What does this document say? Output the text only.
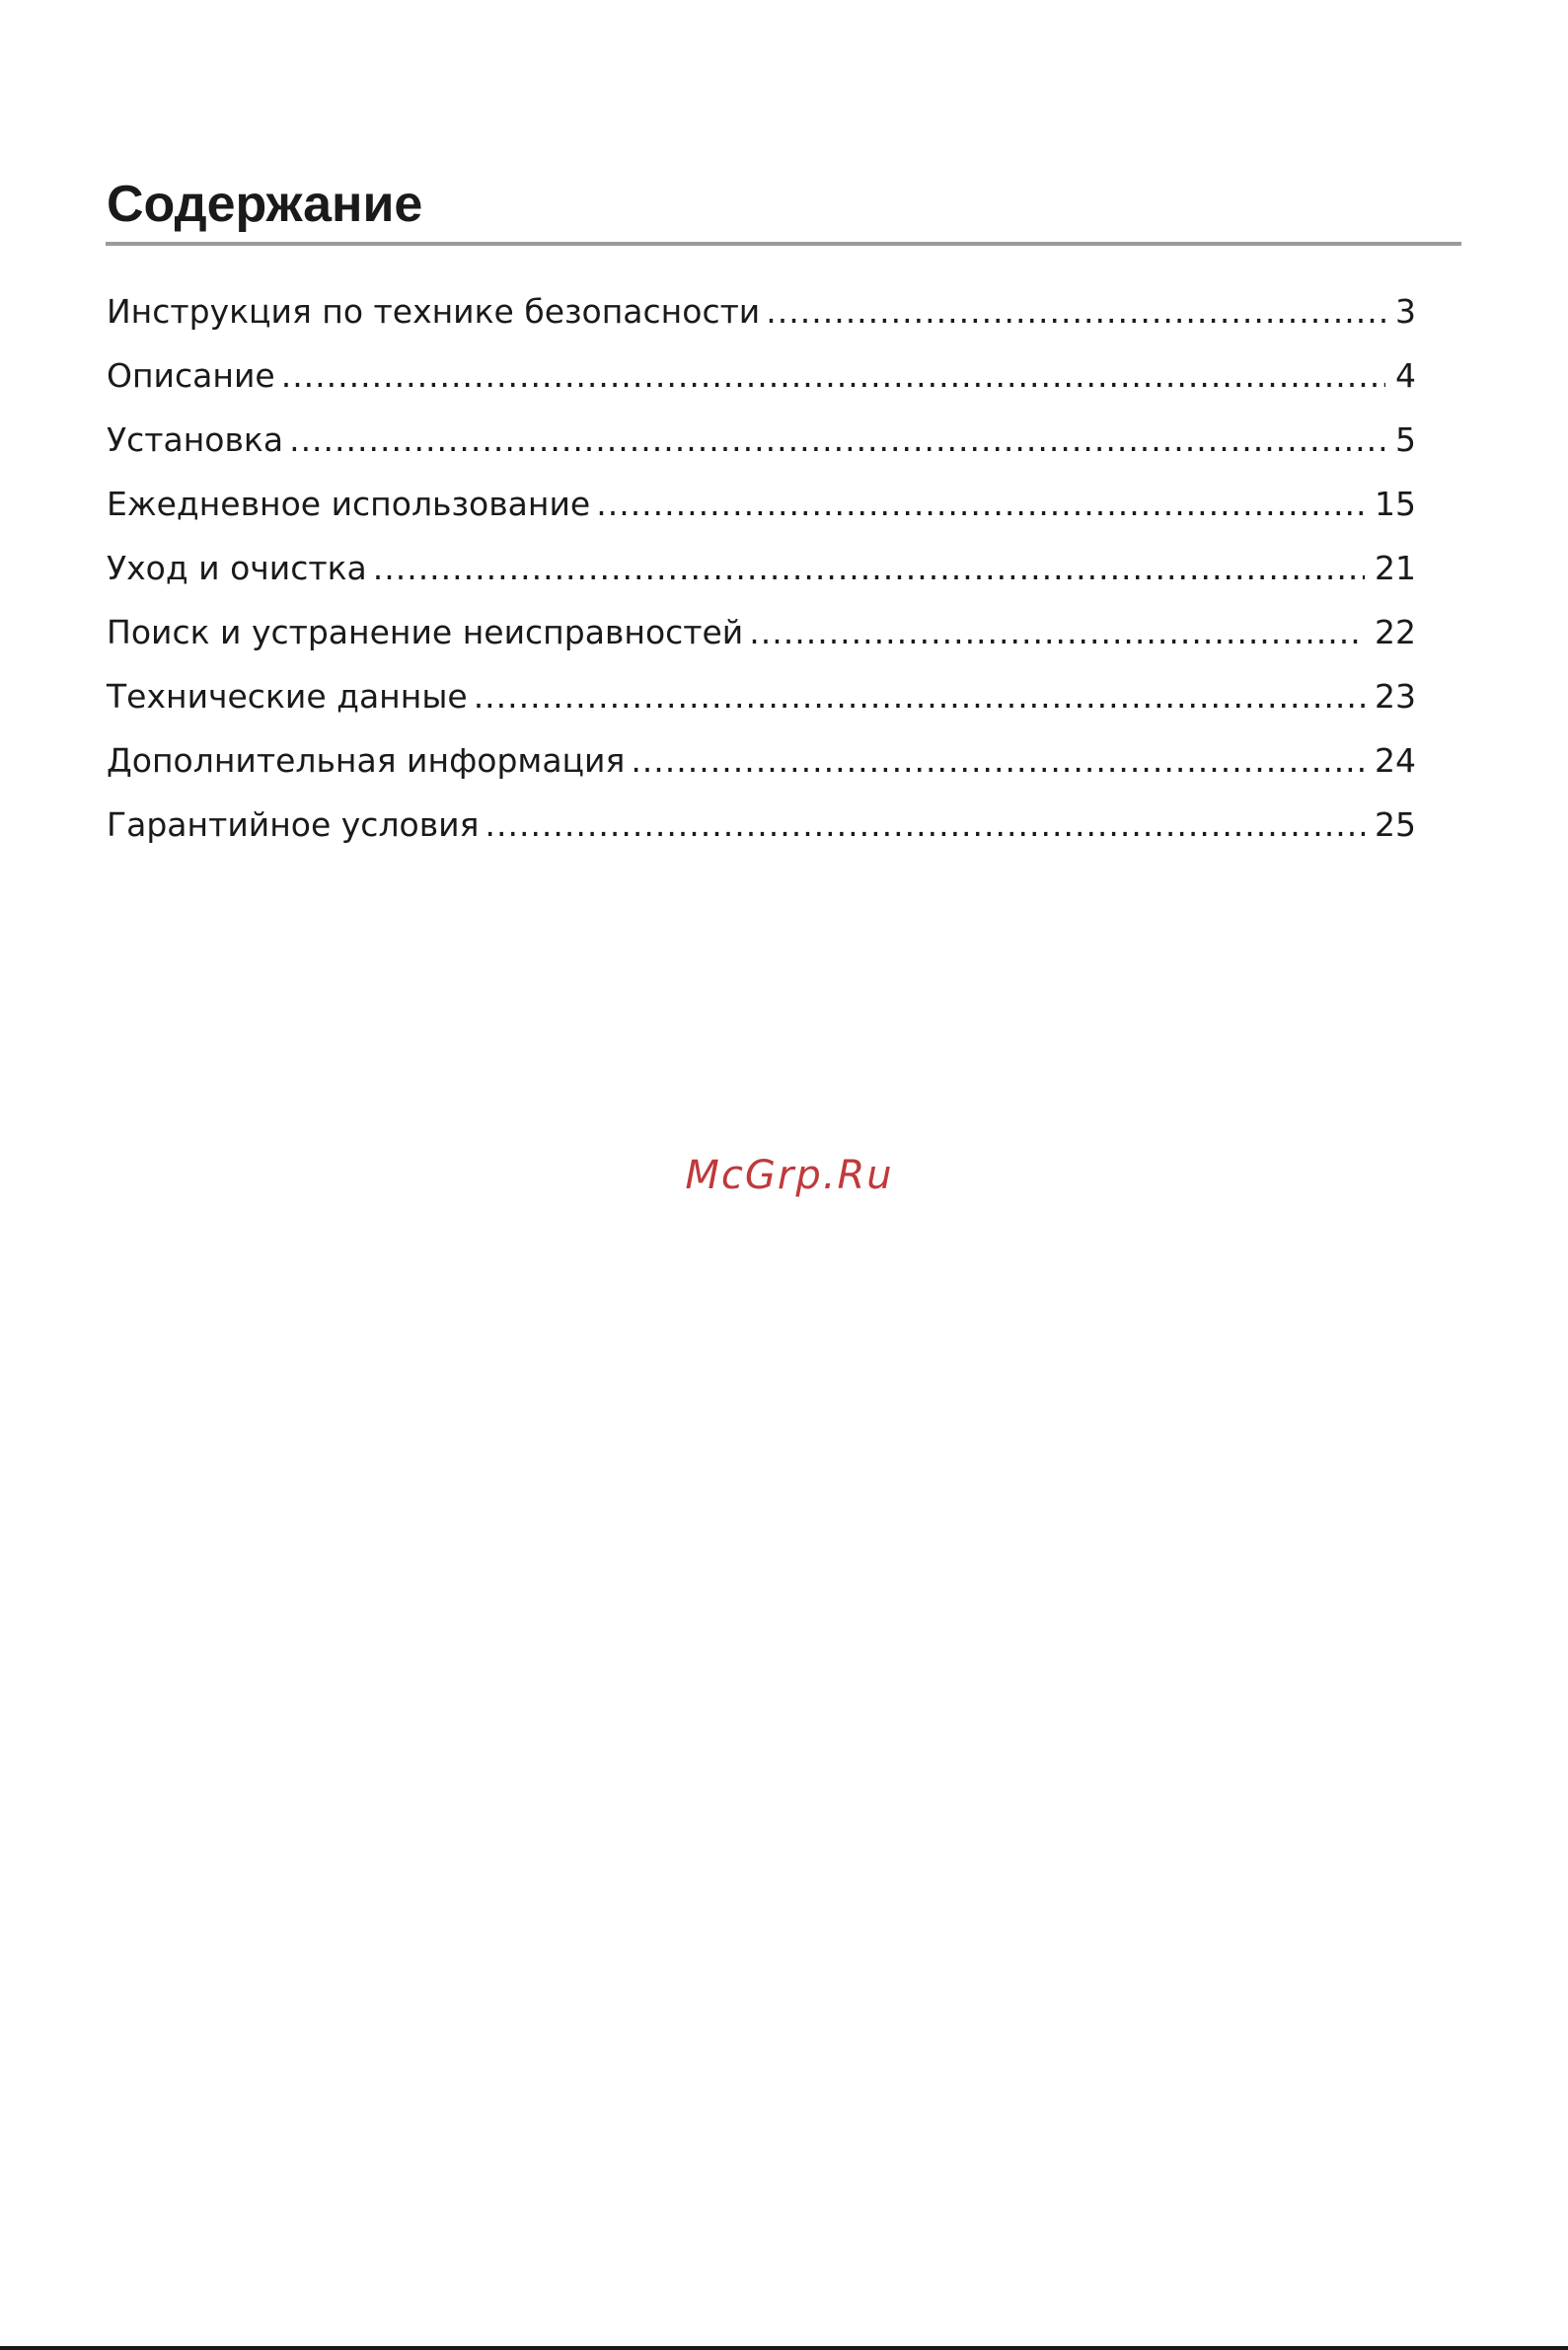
Содержание
Инструкция по технике безопасности .....	3
Описание .....	4
Установка .....	5
Ежедневное использование .....	15
Уход и очистка .....	21
Поиск и устранение неисправностей .....	22
Технические данные .....	23
Дополнительная информация .....	24
Гарантийное условия .....	25
McGrp.Ru
